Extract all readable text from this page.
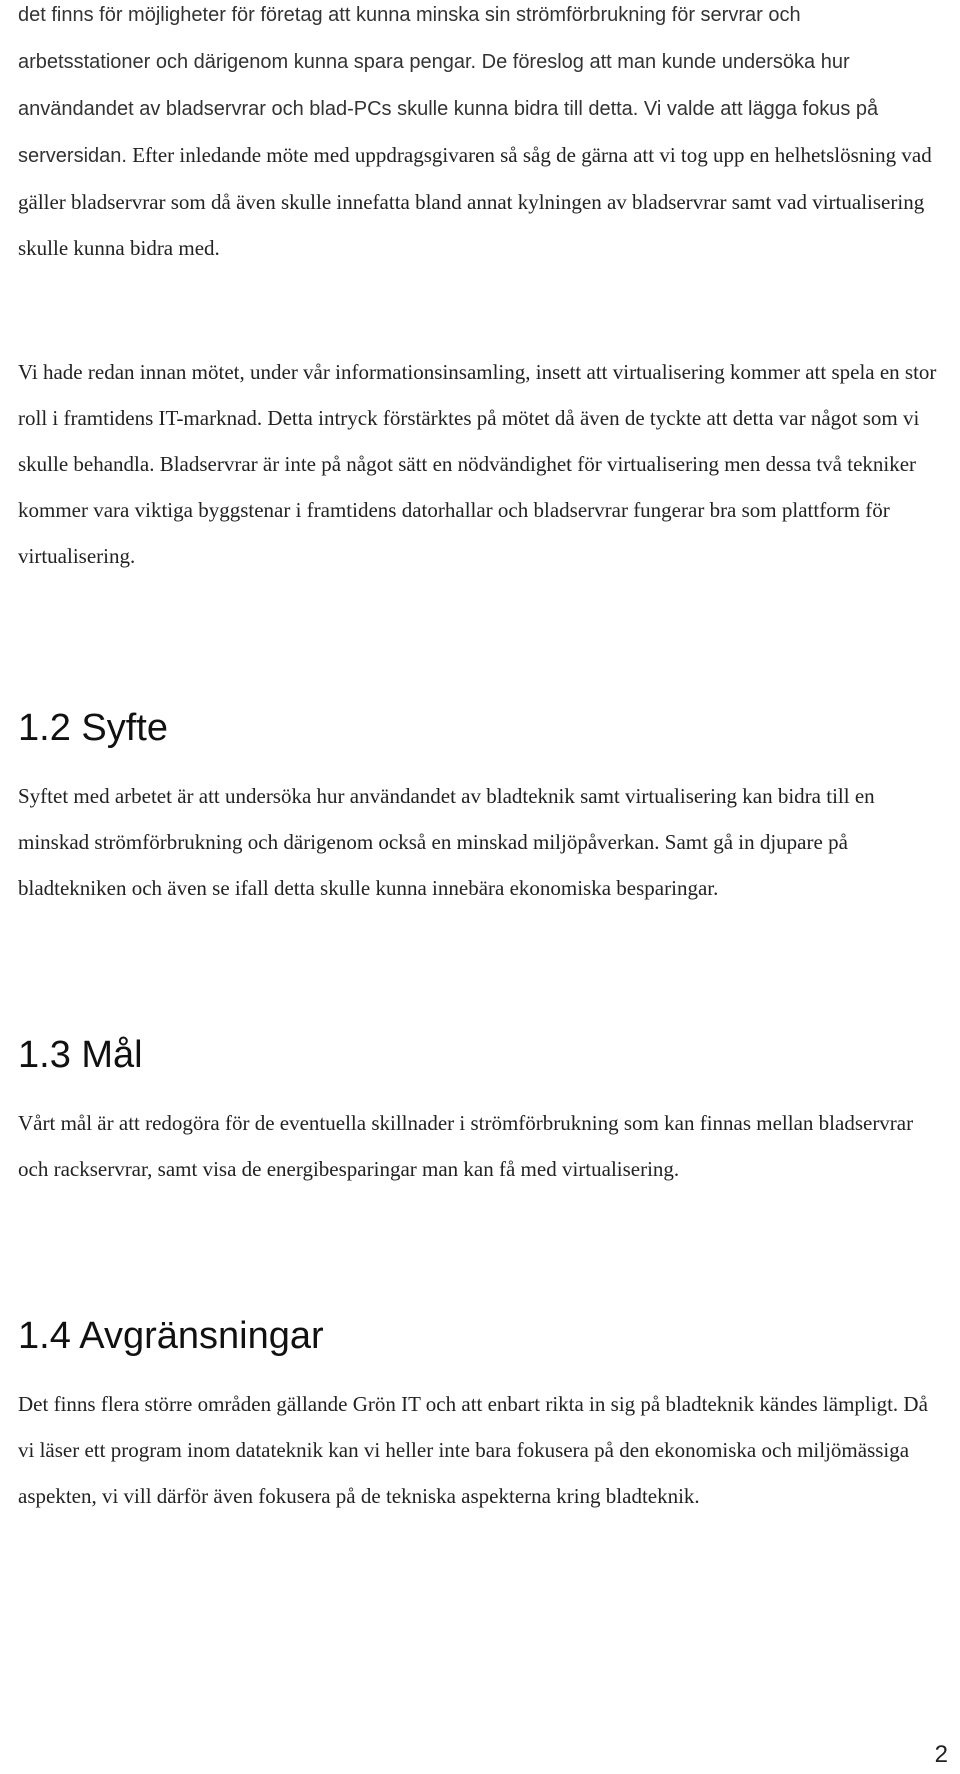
det finns för möjligheter för företag att kunna minska sin strömförbrukning för servrar och arbetsstationer och därigenom kunna spara pengar. De föreslog att man kunde undersöka hur användandet av bladservrar och blad-PCs skulle kunna bidra till detta. Vi valde att lägga fokus på serversidan. Efter inledande möte med uppdragsgivaren så såg de gärna att vi tog upp en helhetslösning vad gäller bladservrar som då även skulle innefatta bland annat kylningen av bladservrar samt vad virtualisering skulle kunna bidra med.

Vi hade redan innan mötet, under vår informationsinsamling, insett att virtualisering kommer att spela en stor roll i framtidens IT-marknad. Detta intryck förstärktes på mötet då även de tyckte att detta var något som vi skulle behandla. Bladservrar är inte på något sätt en nödvändighet för virtualisering men dessa två tekniker kommer vara viktiga byggstenar i framtidens datorhallar och bladservrar fungerar bra som plattform för virtualisering.

1.2 Syfte

Syftet med arbetet är att undersöka hur användandet av bladteknik samt virtualisering kan bidra till en minskad strömförbrukning och därigenom också en minskad miljöpåverkan. Samt gå in djupare på bladtekniken och även se ifall detta skulle kunna innebära ekonomiska besparingar.

1.3 Mål

Vårt mål är att redogöra för de eventuella skillnader i strömförbrukning som kan finnas mellan bladservrar och rackservrar, samt visa de energibesparingar man kan få med virtualisering.

1.4 Avgränsningar

Det finns flera större områden gällande Grön IT och att enbart rikta in sig på bladteknik kändes lämpligt. Då vi läser ett program inom datateknik kan vi heller inte bara fokusera på den ekonomiska och miljömässiga aspekten, vi vill därför även fokusera på de tekniska aspekterna kring bladteknik.

2
